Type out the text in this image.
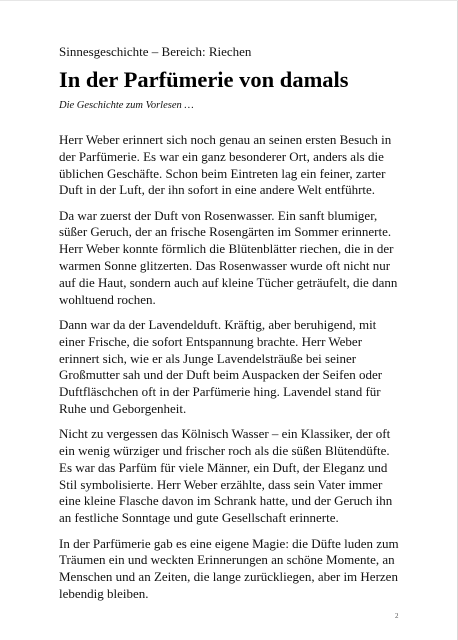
Sinnesgeschichte – Bereich: Riechen

In der Parfümerie von damals

Die Geschichte zum Vorlesen …

Herr Weber erinnert sich noch genau an seinen ersten Besuch in der Parfümerie. Es war ein ganz besonderer Ort, anders als die üblichen Geschäfte. Schon beim Eintreten lag ein feiner, zarter Duft in der Luft, der ihn sofort in eine andere Welt entführte.

Da war zuerst der Duft von Rosenwasser. Ein sanft blumiger, süßer Geruch, der an frische Rosengärten im Sommer erinnerte. Herr Weber konnte förmlich die Blütenblätter riechen, die in der warmen Sonne glitzerten. Das Rosenwasser wurde oft nicht nur auf die Haut, sondern auch auf kleine Tücher geträufelt, die dann wohltuend rochen.

Dann war da der Lavendelduft. Kräftig, aber beruhigend, mit einer Frische, die sofort Entspannung brachte. Herr Weber erinnert sich, wie er als Junge Lavendelsträuße bei seiner Großmutter sah und der Duft beim Auspacken der Seifen oder Duftfläschchen oft in der Parfümerie hing. Lavendel stand für Ruhe und Geborgenheit.

Nicht zu vergessen das Kölnisch Wasser – ein Klassiker, der oft ein wenig würziger und frischer roch als die süßen Blütendüfte. Es war das Parfüm für viele Männer, ein Duft, der Eleganz und Stil symbolisierte. Herr Weber erzählte, dass sein Vater immer eine kleine Flasche davon im Schrank hatte, und der Geruch ihn an festliche Sonntage und gute Gesellschaft erinnerte.

In der Parfümerie gab es eine eigene Magie: die Düfte luden zum Träumen ein und weckten Erinnerungen an schöne Momente, an Menschen und an Zeiten, die lange zurückliegen, aber im Herzen lebendig bleiben.

2
